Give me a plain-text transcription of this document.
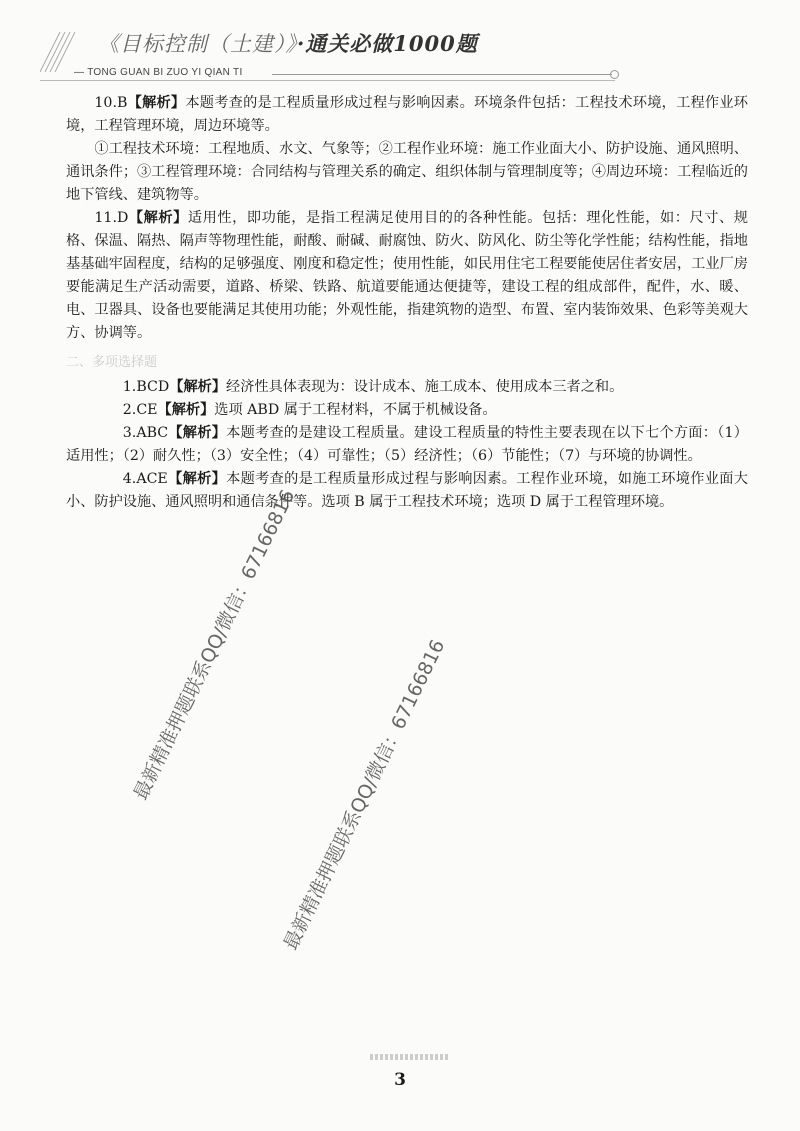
《目标控制（土建）》·通关必做1000题
— TONG GUAN BI ZUO YI QIAN TI

10.B【解析】本题考查的是工程质量形成过程与影响因素。环境条件包括：工程技术环境，工程作业环境，工程管理环境，周边环境等。

①工程技术环境：工程地质、水文、气象等；②工程作业环境：施工作业面大小、防护设施、通风照明、通讯条件；③工程管理环境：合同结构与管理关系的确定、组织体制与管理制度等；④周边环境：工程临近的地下管线、建筑物等。

11.D【解析】适用性，即功能，是指工程满足使用目的的各种性能。包括：理化性能，如：尺寸、规格、保温、隔热、隔声等物理性能，耐酸、耐碱、耐腐蚀、防火、防风化、防尘等化学性能；结构性能，指地基基础牢固程度，结构的足够强度、刚度和稳定性；使用性能，如民用住宅工程要能使居住者安居，工业厂房要能满足生产活动需要，道路、桥梁、铁路、航道要能通达便捷等，建设工程的组成部件，配件，水、暖、电、卫器具、设备也要能满足其使用功能；外观性能，指建筑物的造型、布置、室内装饰效果、色彩等美观大方、协调等。

二、多项选择题

1.BCD【解析】经济性具体表现为：设计成本、施工成本、使用成本三者之和。

2.CE【解析】选项 ABD 属于工程材料，不属于机械设备。

3.ABC【解析】本题考查的是建设工程质量。建设工程质量的特性主要表现在以下七个方面：（1）适用性；（2）耐久性；（3）安全性；（4）可靠性；（5）经济性；（6）节能性；（7）与环境的协调性。

4.ACE【解析】本题考查的是工程质量形成过程与影响因素。工程作业环境，如施工环境作业面大小、防护设施、通风照明和通信条件等。选项 B 属于工程技术环境；选项 D 属于工程管理环境。

最新精准押题联系QQ/微信：6716681​6
最新精准押题联系QQ/微信：6716681​6
3
